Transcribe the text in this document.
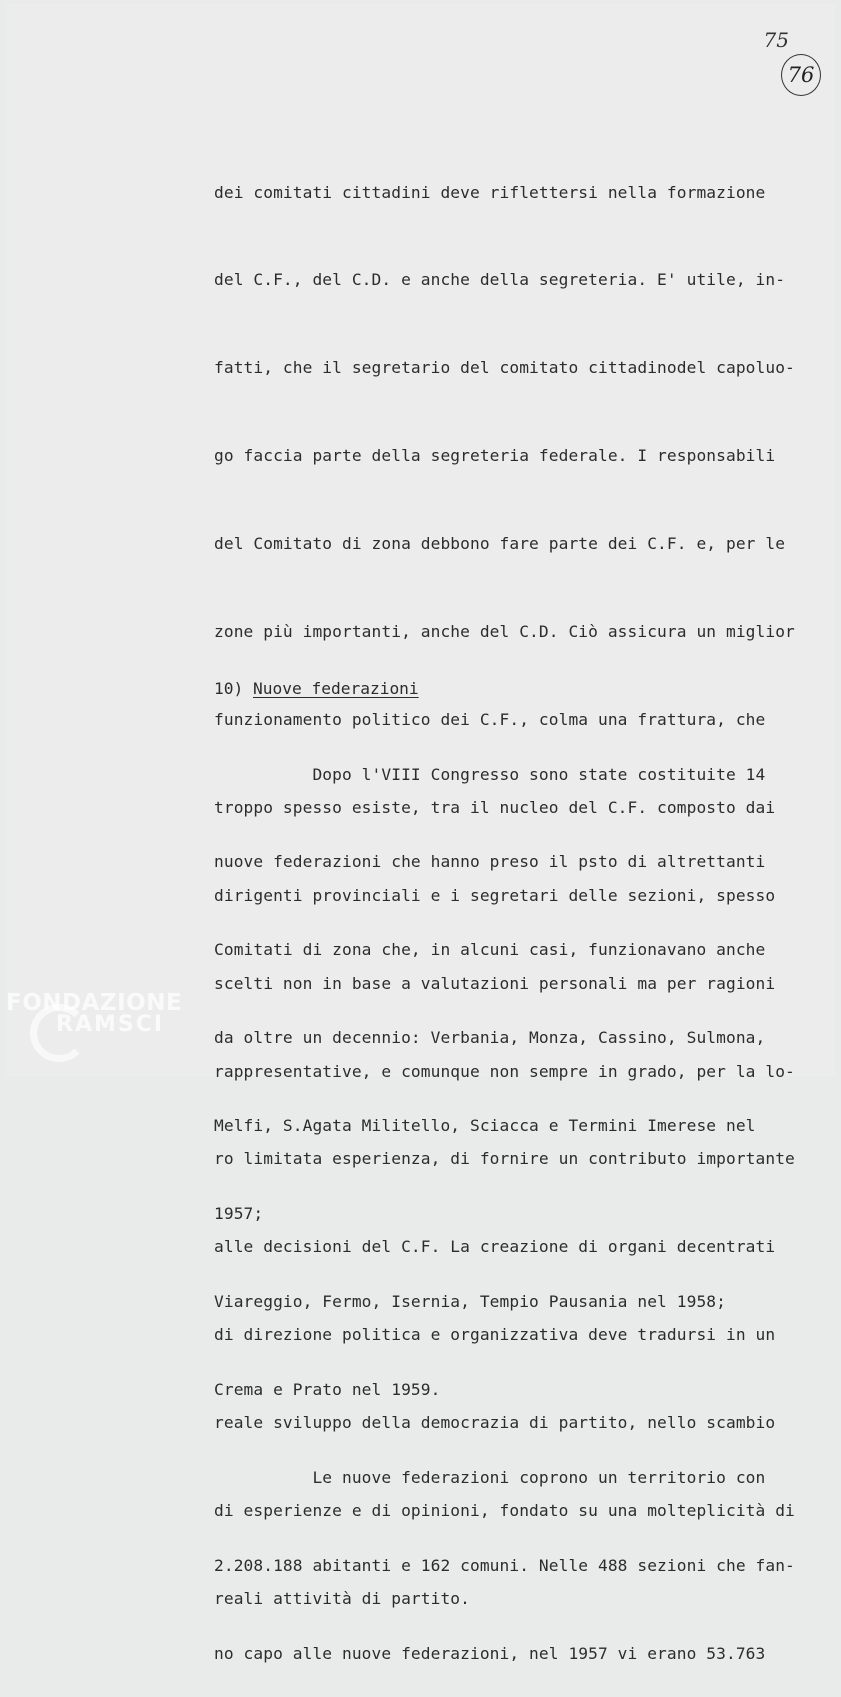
75
76

dei comitati cittadini deve riflettersi nella formazione

del C.F., del C.D. e anche della segreteria. E' utile, in-

fatti, che il segretario del comitato cittadinodel capoluo-

go faccia parte della segreteria federale. I responsabili

del Comitato di zona debbono fare parte dei C.F. e, per le

zone più importanti, anche del C.D. Ciò assicura un miglior

funzionamento politico dei C.F., colma una frattura, che

troppo spesso esiste, tra il nucleo del C.F. composto dai

dirigenti provinciali e i segretari delle sezioni, spesso

scelti non in base a valutazioni personali ma per ragioni

rappresentative, e comunque non sempre in grado, per la lo-

ro limitata esperienza, di fornire un contributo importante

alle decisioni del C.F. La creazione di organi decentrati

di direzione politica e organizzativa deve tradursi in un

reale sviluppo della democrazia di partito, nello scambio

di esperienze e di opinioni, fondato su una molteplicità di

reali attività di partito.

10) Nuove federazioni

Dopo l'VIII Congresso sono state costituite 14

nuove federazioni che hanno preso il psto di altrettanti

Comitati di zona che, in alcuni casi, funzionavano anche

da oltre un decennio: Verbania, Monza, Cassino, Sulmona,

Melfi, S.Agata Militello, Sciacca e Termini Imerese nel

1957;

Viareggio, Fermo, Isernia, Tempio Pausania nel 1958;

Crema e Prato nel 1959.

Le nuove federazioni coprono un territorio con

2.208.188 abitanti e 162 comuni. Nelle 488 sezioni che fan-

no capo alle nuove federazioni, nel 1957 vi erano 53.763

FONDAZIONE
RAMSCI
